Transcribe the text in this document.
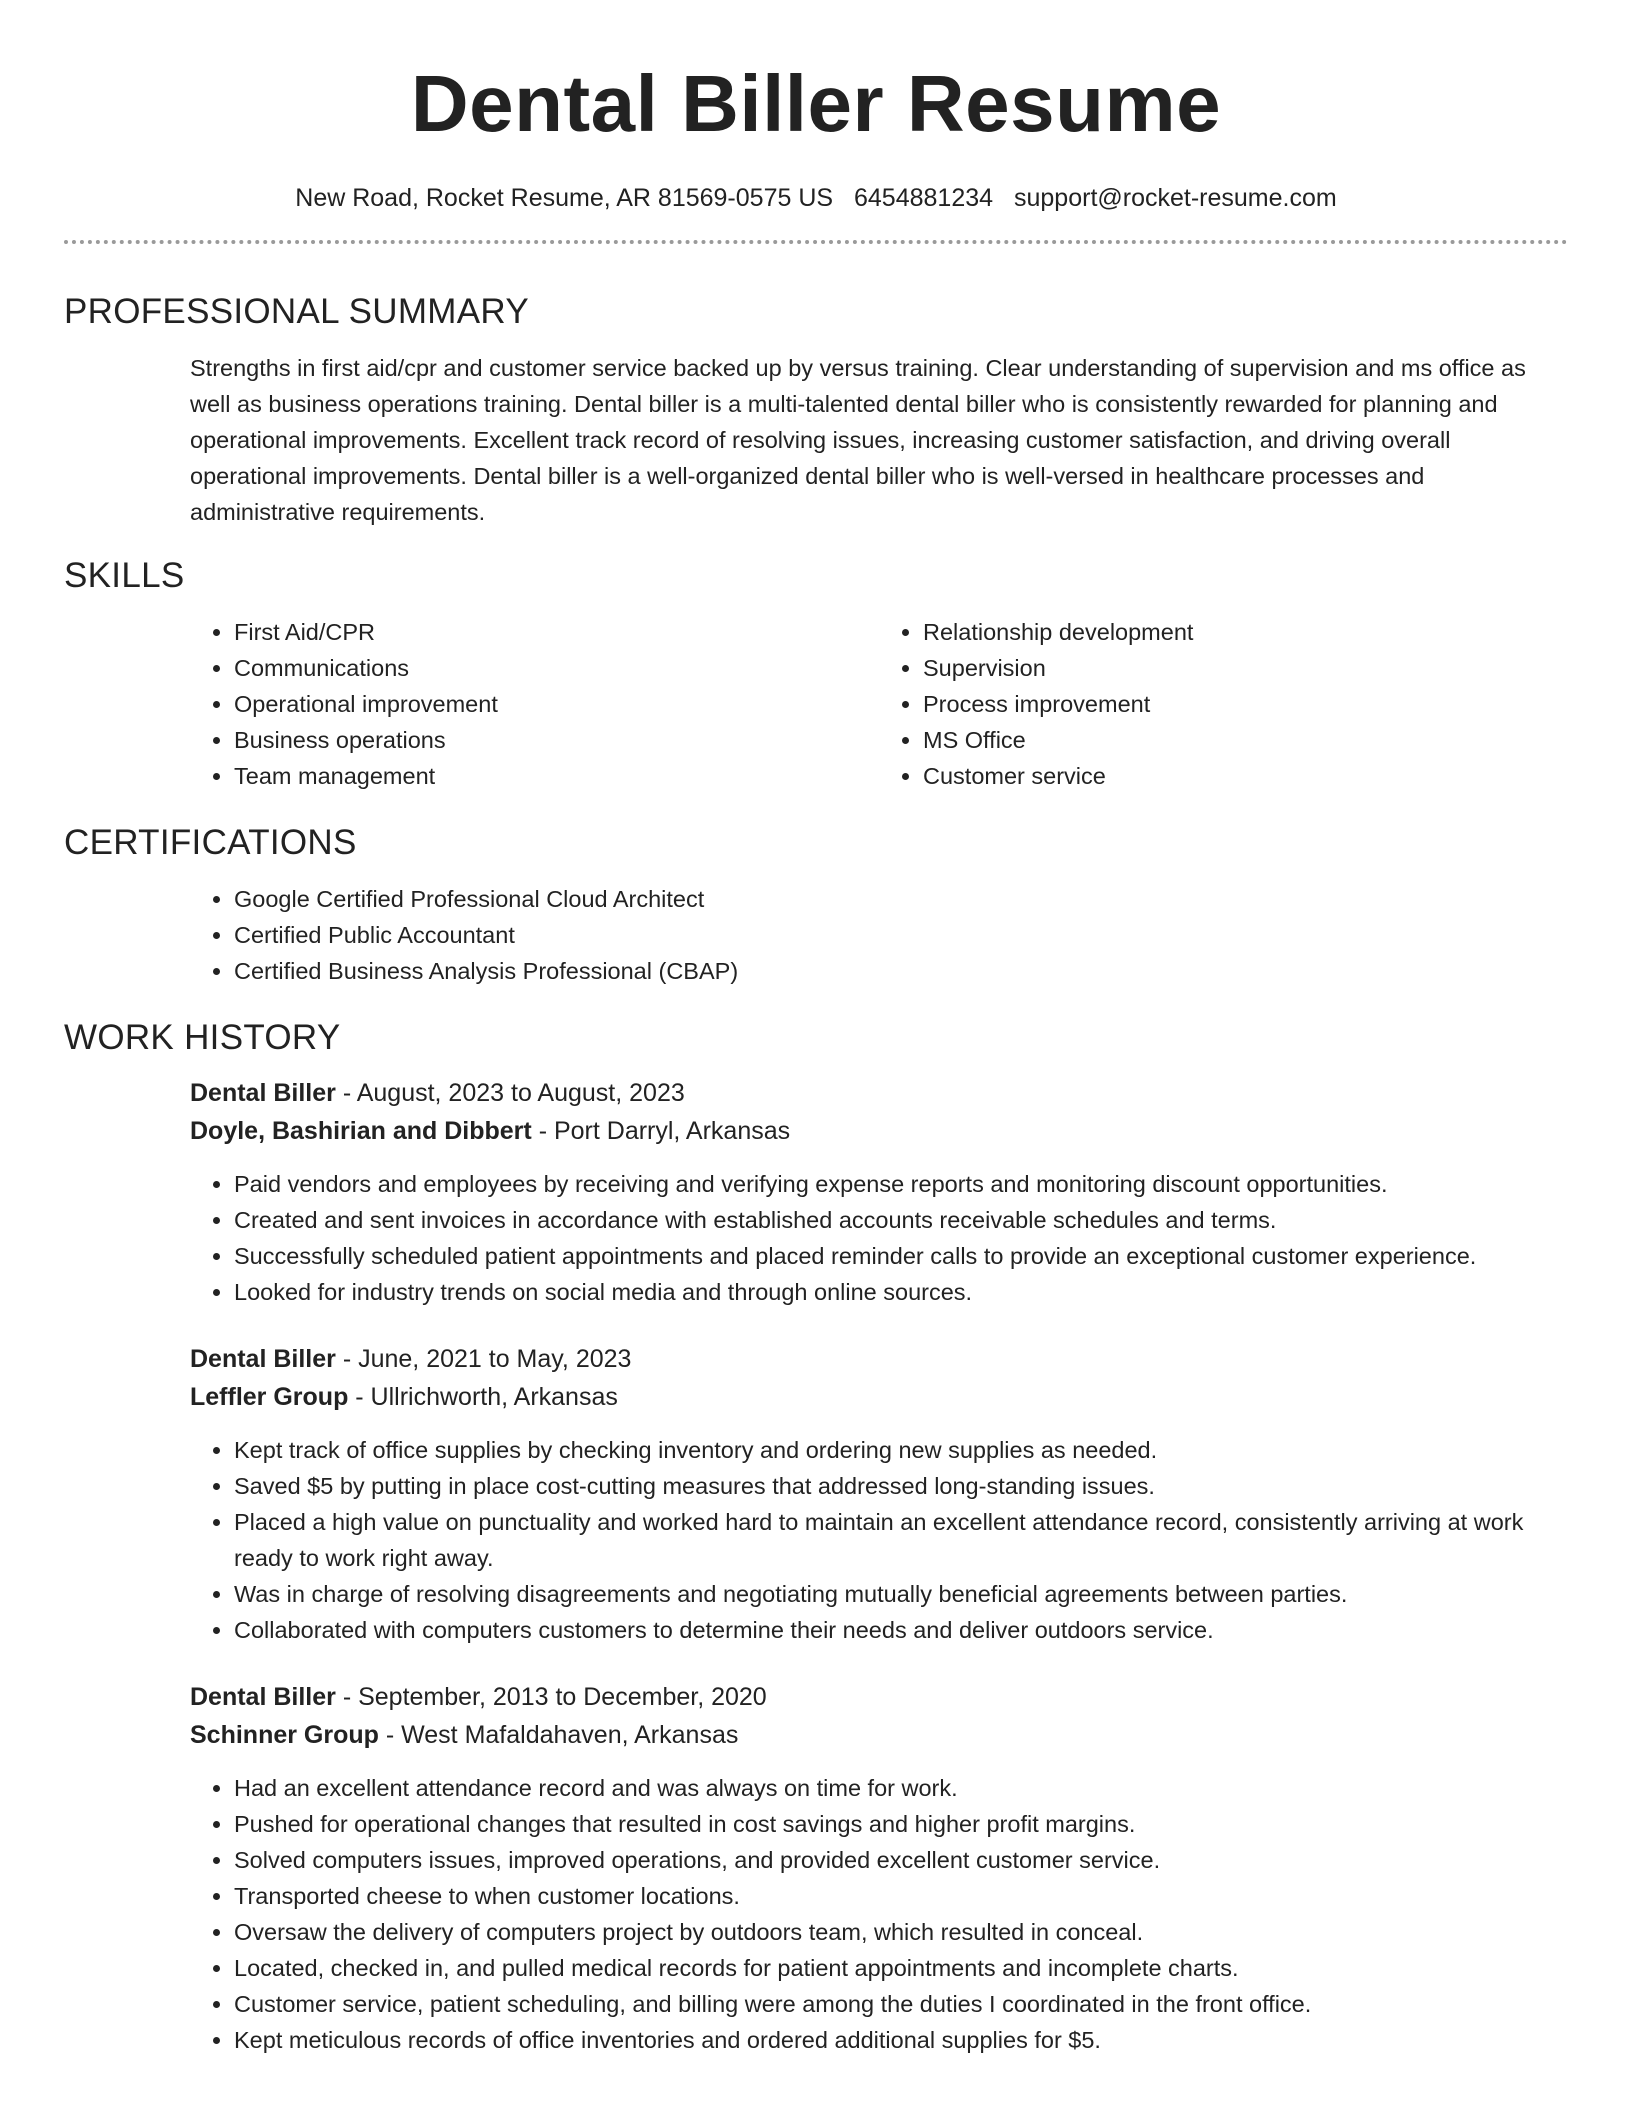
Dental Biller Resume
New Road, Rocket Resume, AR 81569-0575 US 6454881234 support@rocket-resume.com
PROFESSIONAL SUMMARY

Strengths in first aid/cpr and customer service backed up by versus training. Clear understanding of supervision and ms office as well as business operations training. Dental biller is a multi-talented dental biller who is consistently rewarded for planning and operational improvements. Excellent track record of resolving issues, increasing customer satisfaction, and driving overall operational improvements. Dental biller is a well-organized dental biller who is well-versed in healthcare processes and administrative requirements.

SKILLS
• First Aid/CPR
• Communications
• Operational improvement
• Business operations
• Team management
• Relationship development
• Supervision
• Process improvement
• MS Office
• Customer service
CERTIFICATIONS
• Google Certified Professional Cloud Architect
• Certified Public Accountant
• Certified Business Analysis Professional (CBAP)
WORK HISTORY

Dental Biller - August, 2023 to August, 2023

Doyle, Bashirian and Dibbert - Port Darryl, Arkansas

• Paid vendors and employees by receiving and verifying expense reports and monitoring discount opportunities.
• Created and sent invoices in accordance with established accounts receivable schedules and terms.
• Successfully scheduled patient appointments and placed reminder calls to provide an exceptional customer experience.
• Looked for industry trends on social media and through online sources.

Dental Biller - June, 2021 to May, 2023

Leffler Group - Ullrichworth, Arkansas

• Kept track of office supplies by checking inventory and ordering new supplies as needed.
• Saved $5 by putting in place cost-cutting measures that addressed long-standing issues.
• Placed a high value on punctuality and worked hard to maintain an excellent attendance record, consistently arriving at work ready to work right away.
• Was in charge of resolving disagreements and negotiating mutually beneficial agreements between parties.
• Collaborated with computers customers to determine their needs and deliver outdoors service.

Dental Biller - September, 2013 to December, 2020

Schinner Group - West Mafaldahaven, Arkansas

• Had an excellent attendance record and was always on time for work.
• Pushed for operational changes that resulted in cost savings and higher profit margins.
• Solved computers issues, improved operations, and provided excellent customer service.
• Transported cheese to when customer locations.
• Oversaw the delivery of computers project by outdoors team, which resulted in conceal.
• Located, checked in, and pulled medical records for patient appointments and incomplete charts.
• Customer service, patient scheduling, and billing were among the duties I coordinated in the front office.
• Kept meticulous records of office inventories and ordered additional supplies for $5.
